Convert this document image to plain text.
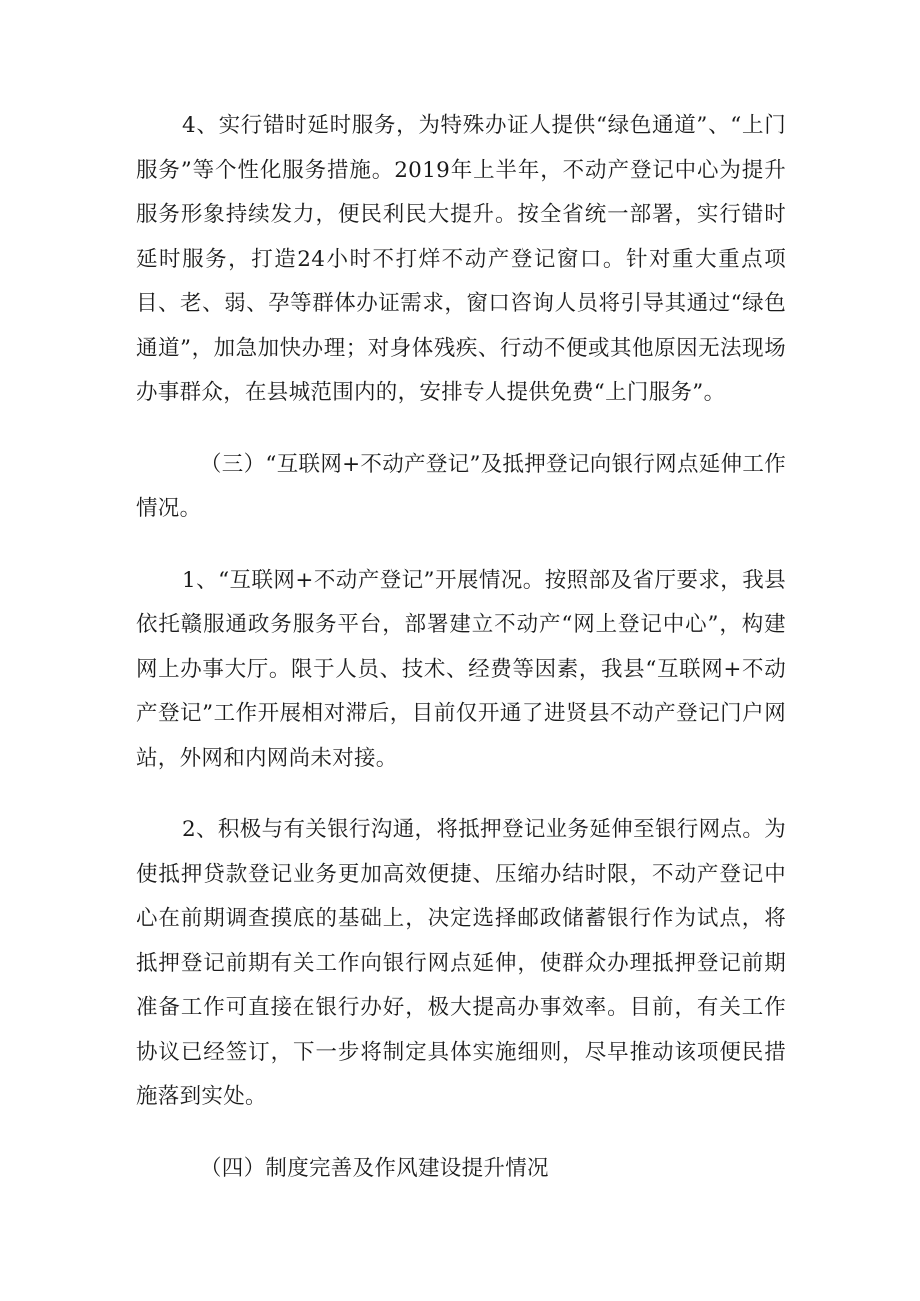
4、实行错时延时服务，为特殊办证人提供“绿色通道”、“上门服务”等个性化服务措施。2019年上半年，不动产登记中心为提升服务形象持续发力，便民利民大提升。按全省统一部署，实行错时延时服务，打造24小时不打烊不动产登记窗口。针对重大重点项目、老、弱、孕等群体办证需求，窗口咨询人员将引导其通过“绿色通道”，加急加快办理；对身体残疾、行动不便或其他原因无法现场办事群众，在县城范围内的，安排专人提供免费“上门服务”。

（三）“互联网+不动产登记”及抵押登记向银行网点延伸工作情况。

1、“互联网+不动产登记”开展情况。按照部及省厅要求，我县依托赣服通政务服务平台，部署建立不动产“网上登记中心”，构建网上办事大厅。限于人员、技术、经费等因素，我县“互联网+不动产登记”工作开展相对滞后，目前仅开通了进贤县不动产登记门户网站，外网和内网尚未对接。

2、积极与有关银行沟通，将抵押登记业务延伸至银行网点。为使抵押贷款登记业务更加高效便捷、压缩办结时限，不动产登记中心在前期调查摸底的基础上，决定选择邮政储蓄银行作为试点，将抵押登记前期有关工作向银行网点延伸，使群众办理抵押登记前期准备工作可直接在银行办好，极大提高办事效率。目前，有关工作协议已经签订，下一步将制定具体实施细则，尽早推动该项便民措施落到实处。

（四）制度完善及作风建设提升情况
